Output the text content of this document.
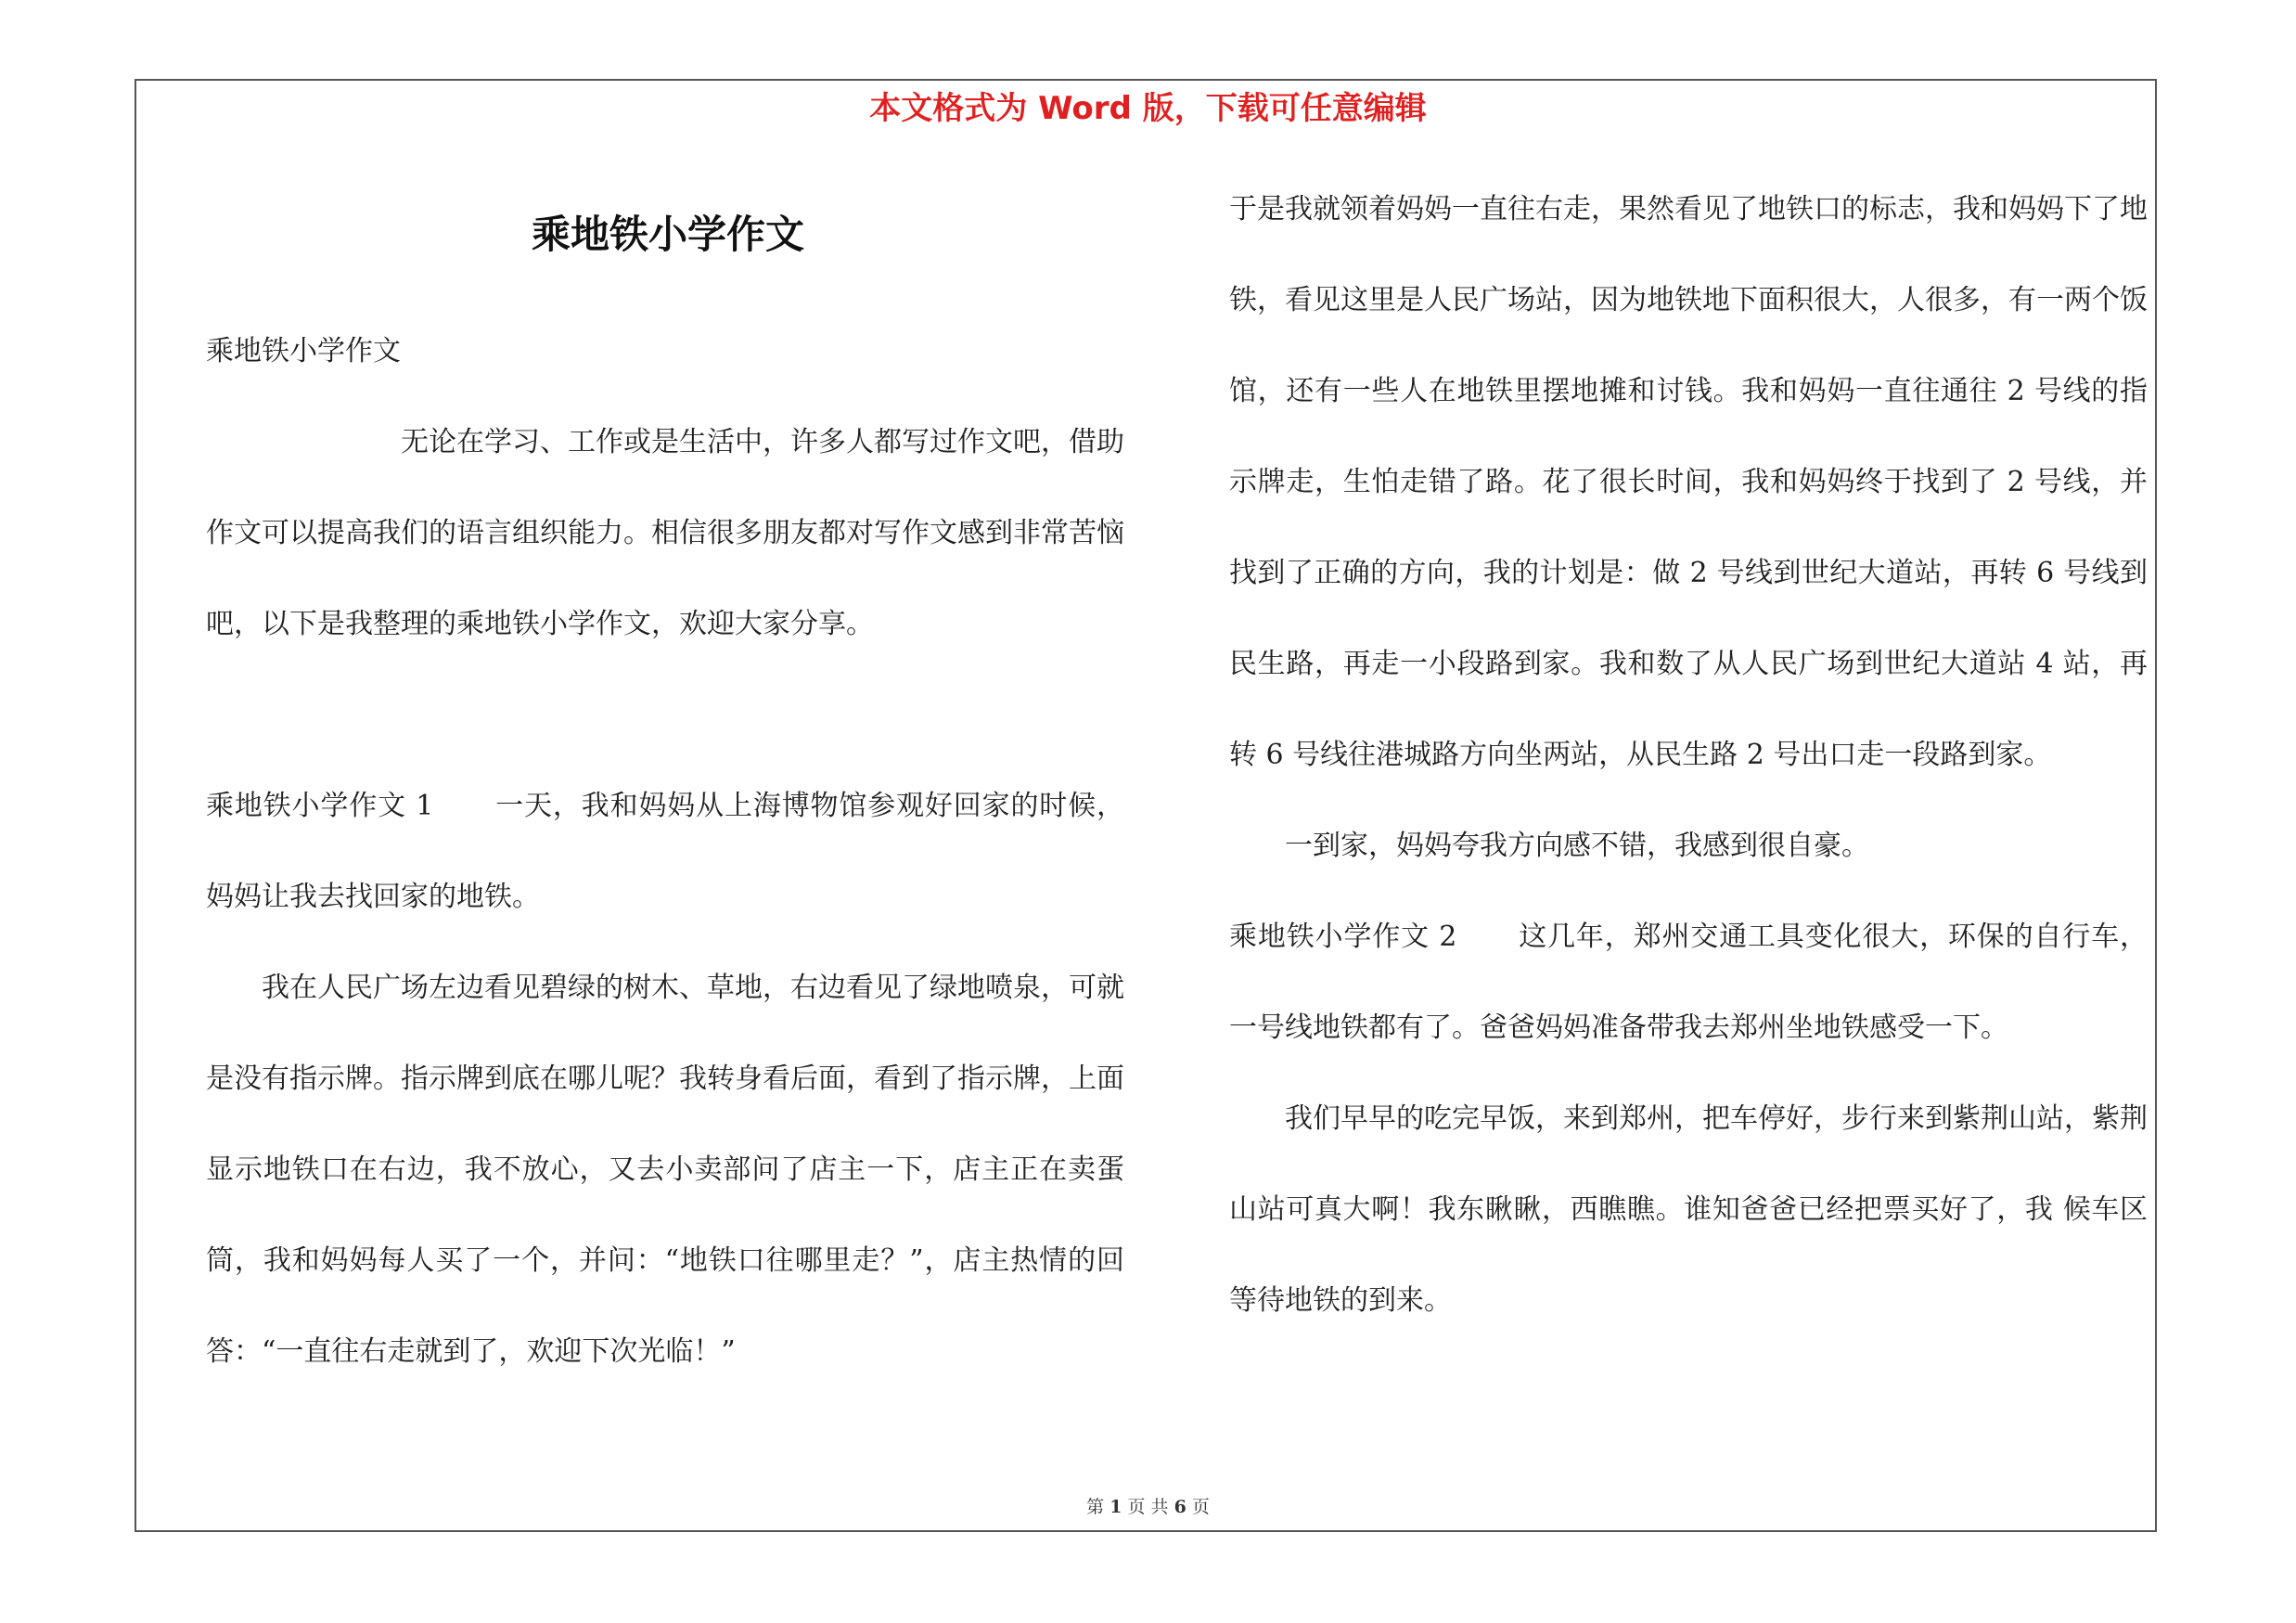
本文格式为 Word 版，下载可任意编辑
乘地铁小学作文

乘地铁小学作文

无论在学习、工作或是生活中，许多人都写过作文吧，借助作文可以提高我们的语言组织能力。相信很多朋友都对写作文感到非常苦恼吧，以下是我整理的乘地铁小学作文，欢迎大家分享。

乘地铁小学作文 1 一天，我和妈妈从上海博物馆参观好回家的时候，妈妈让我去找回家的地铁。

我在人民广场左边看见碧绿的树木、草地，右边看见了绿地喷泉，可就是没有指示牌。指示牌到底在哪儿呢？我转身看后面，看到了指示牌，上面显示地铁口在右边，我不放心，又去小卖部问了店主一下，店主正在卖蛋筒，我和妈妈每人买了一个，并问：“地铁口往哪里走？”，店主热情的回答：“一直往右走就到了，欢迎下次光临！”

于是我就领着妈妈一直往右走，果然看见了地铁口的标志，我和妈妈下了地铁，看见这里是人民广场站，因为地铁地下面积很大，人很多，有一两个饭馆，还有一些人在地铁里摆地摊和讨钱。我和妈妈一直往通往 2 号线的指示牌走，生怕走错了路。花了很长时间，我和妈妈终于找到了 2 号线，并找到了正确的方向，我的计划是：做 2 号线到世纪大道站，再转 6 号线到民生路，再走一小段路到家。我和数了从人民广场到世纪大道站 4 站，再转 6 号线往港城路方向坐两站，从民生路 2 号出口走一段路到家。

一到家，妈妈夸我方向感不错，我感到很自豪。

乘地铁小学作文 2 这几年，郑州交通工具变化很大，环保的自行车，一号线地铁都有了。爸爸妈妈准备带我去郑州坐地铁感受一下。

我们早早的吃完早饭，来到郑州，把车停好，步行来到紫荆山站，紫荆山站可真大啊！我东瞅瞅，西瞧瞧。谁知爸爸已经把票买好了，我 候车区等待地铁的到来。

第 1 页 共 6 页
